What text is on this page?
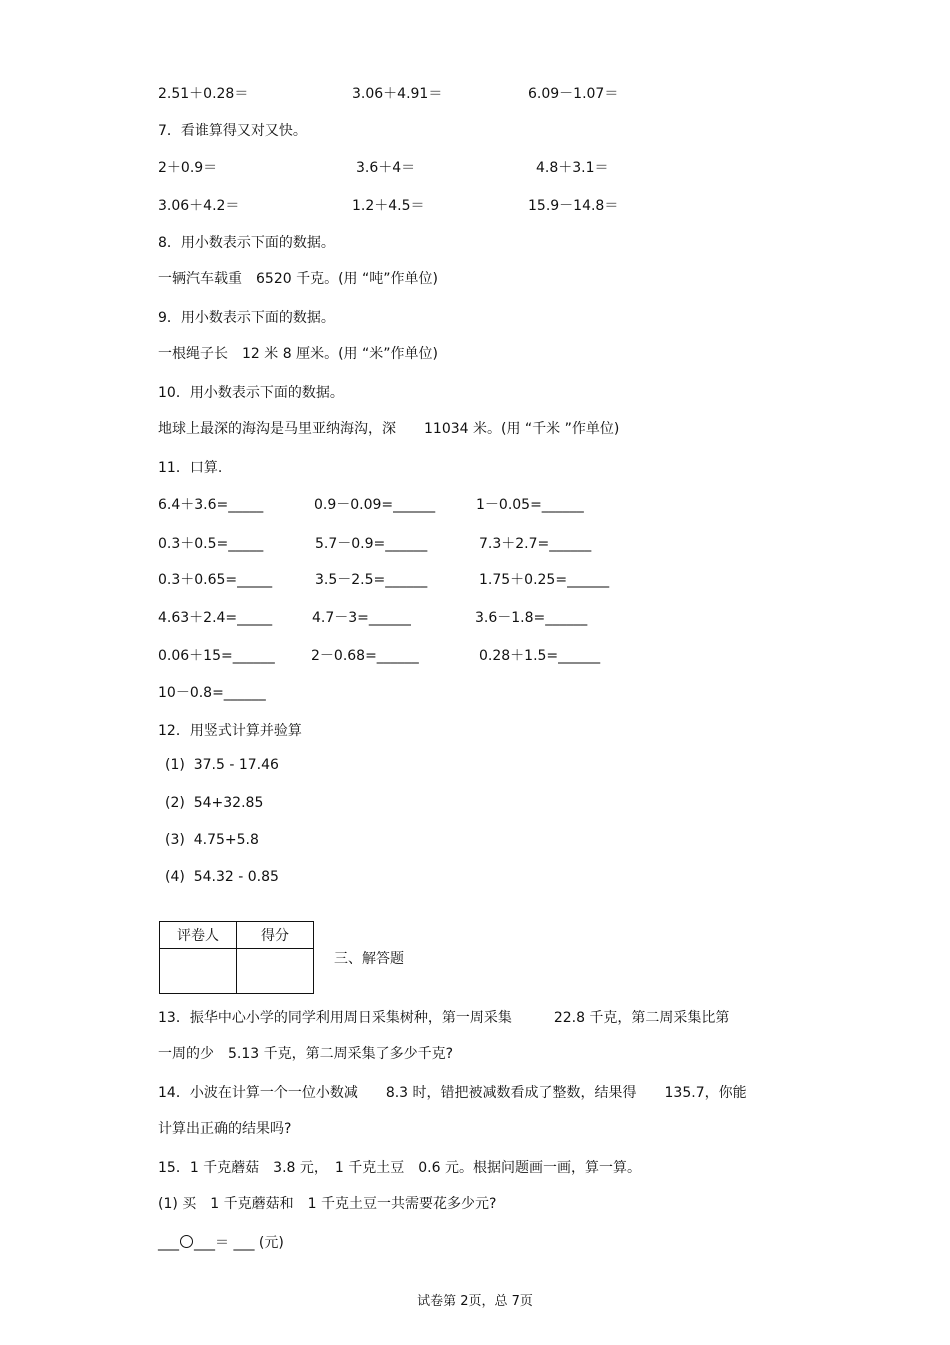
2.51＋0.28＝	3.06＋4.91＝	6.09－1.07＝
7．看谁算得又对又快。
2＋0.9＝	3.6＋4＝	4.8＋3.1＝
3.06＋4.2＝	1.2＋4.5＝	15.9－14.8＝
8．用小数表示下面的数据。
一辆汽车载重　6520 千克。(用 “吨”作单位)
9．用小数表示下面的数据。
一根绳子长　12 米 8 厘米。(用 “米”作单位)
10．用小数表示下面的数据。
地球上最深的海沟是马里亚纳海沟，深　　11034 米。(用 “千米 ”作单位)
11．口算.
6.4＋3.6=_____	0.9－0.09=______	1－0.05=______
0.3＋0.5=_____	5.7－0.9=______	7.3＋2.7=______
0.3＋0.65=_____	3.5－2.5=______	1.75＋0.25=______
4.63＋2.4=_____	4.7－3=______	3.6－1.8=______
0.06＋15=______	2－0.68=______	0.28＋1.5=______
10－0.8=______
12．用竖式计算并验算
(1)  37.5 - 17.46
(2)  54+32.85
(3)  4.75+5.8
(4)  54.32 - 0.85
评卷人	得分

三、解答题
13．振华中心小学的同学利用周日采集树种，第一周采集　　　22.8 千克，第二周采集比第
一周的少　5.13 千克，第二周采集了多少千克?
14．小波在计算一个一位小数减　　8.3 时，错把被减数看成了整数，结果得　　135.7，你能
计算出正确的结果吗?
15．1 千克蘑菇　3.8 元，　1 千克土豆　0.6 元。根据问题画一画，算一算。
(1) 买　1 千克蘑菇和　1 千克土豆一共需要花多少元?
___ ___＝ ___ (元)
试卷第 2页，总 7页
